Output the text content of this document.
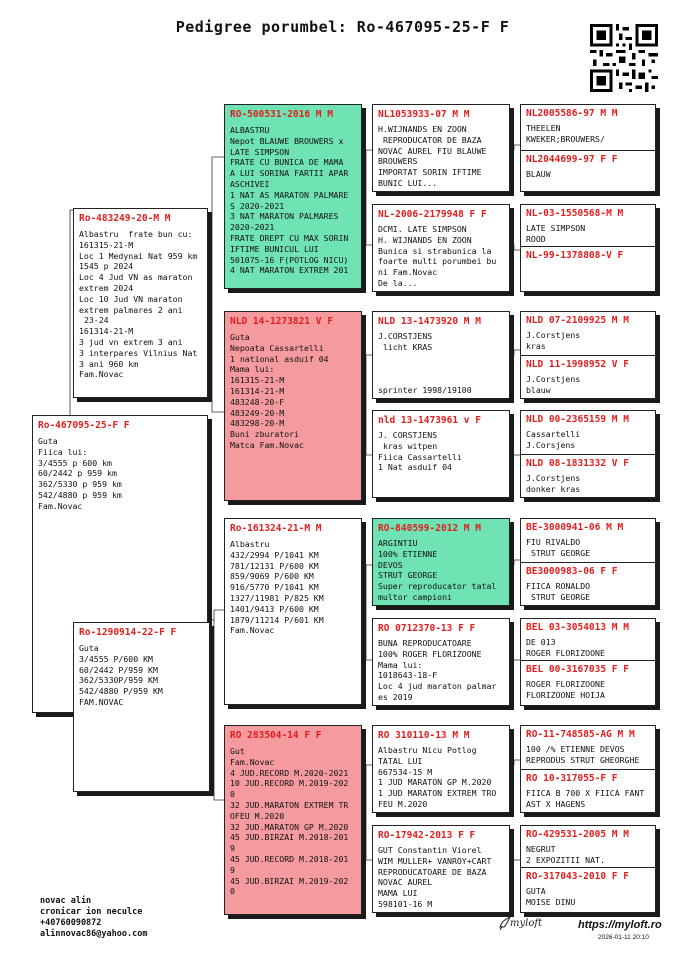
Pedigree porumbel: Ro-467095-25-F F
Ro-467095-25-F F
Guta
Fiica lui:
3/4555 p 600 km
60/2442 p 959 km
362/5330 p 959 km
542/4880 p 959 km
Fam.Novac
Ro-483249-20-M M
Albastru  frate bun cu:
161315-21-M
Loc 1 Medynai Nat 959 km
1545 p 2024
Loc 4 Jud VN as maraton
extrem 2024
Loc 10 Jud VN maraton
extrem palmares 2 ani
23-24
161314-21-M
3 jud vn extrem 3 ani
3 interpares Vilnius Nat
3 ani 960 km
Fam.Novac
Ro-1290914-22-F F
Guta
3/4555 P/600 KM
60/2442 P/959 KM
362/5330P/959 KM
542/4880 P/959 KM
FAM.NOVAC
RO-500531-2016 M M
ALBASTRU
Nepot BLAUWE BROUWERS x
LATE SIMPSON
FRATE CU BUNICA DE MAMA
A LUI SORINA FARTII APAR
ASCHIVEI
1 NAT AS MARATON PALMARE
S 2020-2021
3 NAT MARATON PALMARES
2020-2021
FRATE DREPT CU MAX SORIN
IFTIME BUNICUL LUI
501075-16 F(POTLOG NICU)
4 NAT MARATON EXTREM 201
NLD 14-1273821 V F
Guta
Nepoata Cassartelli
1 national asduif 04
Mama lui:
161315-21-M
161314-21-M
483248-20-F
483249-20-M
483298-20-M
Buni zburatori
Matca Fam.Novac
Ro-161324-21-M M
Albastru
432/2994 P/1041 KM
781/12131 P/600 KM
859/9069 P/600 KM
916/5770 P/1041 KM
1327/11981 P/825 KM
1401/9413 P/600 KM
1879/11214 P/601 KM
Fam.Novac
RO 283504-14 F F
Gut
Fam.Novac
4 JUD.RECORD M.2020-2021
10 JUD.RECORD M.2019-202
0
32 JUD.MARATON EXTREM TR
OFEU M.2020
32 JUD.MARATON GP M.2020
45 JUD.BIRZAI M.2018-201
9
45 JUD.RECORD M.2018-201
9
45 JUD.BIRZAI M.2019-202
0
NL1053933-07 M M
H.WIJNANDS EN ZOON
REPRODUCATOR DE BAZA
NOVAC AUREL FIU BLAUWE
BROUWERS
IMPORTAT SORIN IFTIME
BUNIC LUI...
NL-2006-2179948 F F
DCMI. LATE SIMPSON
H. WIJNANDS EN ZOON
Bunica si strabunica la
foarte multi porumbei bu
ni Fam.Novac
De la...
NLD 13-1473920 M M
J.CORSTJENS
licht KRAS

sprinter 1998/19100
nld 13-1473961 v F
J. CORSTJENS
kras witpen
Fiica Cassartelli
1 Nat asduif 04
RO-840599-2012 M M
ARGINTIU
100% ETIENNE
DEVOS
STRUT GEORGE
Super reproducator tatal
multor campioni
RO 0712370-13 F F
BUNA REPRODUCATOARE
100% ROGER FLORIZOONE
Mama lui:
1018643-18-F
Loc 4 jud maraton palmar
es 2019
RO 310110-13 M M
Albastru Nicu Potlog
TATAL LUI
667534-15 M
1 JUD MARATON GP M.2020
1 JUD MARATON EXTREM TRO
FEU M.2020
RO-17942-2013 F F
GUT Constantin Viorel
WIM MULLER+ VANROY+CART
REPRODUCATOARE DE BAZA
NOVAC AUREL
MAMA LUI
598101-16 M
NL2005586-97 M M
THEELEN
KWEKER;BROUWERS/
NL2044699-97 F F
BLAUW
NL-03-1550568-M M
LATE SIMPSON
ROOD
NL-99-1378808-V F
NLD 07-2109925 M M
J.Corstjens
kras
NLD 11-1998952 V F
J.Corstjens
blauw
NLD 00-2365159 M M
Cassartelli
J.Corsjens
NLD 08-1831332 V F
J.Corstjens
donker kras
BE-3000941-06 M M
FIU RIVALDO
STRUT GEORGE
BE3000983-06 F F
FIICA RONALDO
STRUT GEORGE
BEL 03-3054013 M M
DE 013
ROGER FLORIZOONE
BEL 00-3167035 F F
ROGER FLORIZOONE
FLORIZOONE HOIJA
RO-11-748585-AG M M
100 /% ETIENNE DEVOS
REPRODUS STRUT GHEORGHE
RO 10-317055-F F
FIICA B 700 X FIICA FANT
AST X HAGENS
RO-429531-2005 M M
NEGRUT
2 EXPOZITII NAT.
RO-317043-2010 F F
GUTA
MOISE DINU
novac alin
cronicar ion neculce
+40760090872
alinnovac86@yahoo.com
myloft	https://myloft.ro
2026-01-11 20:10
